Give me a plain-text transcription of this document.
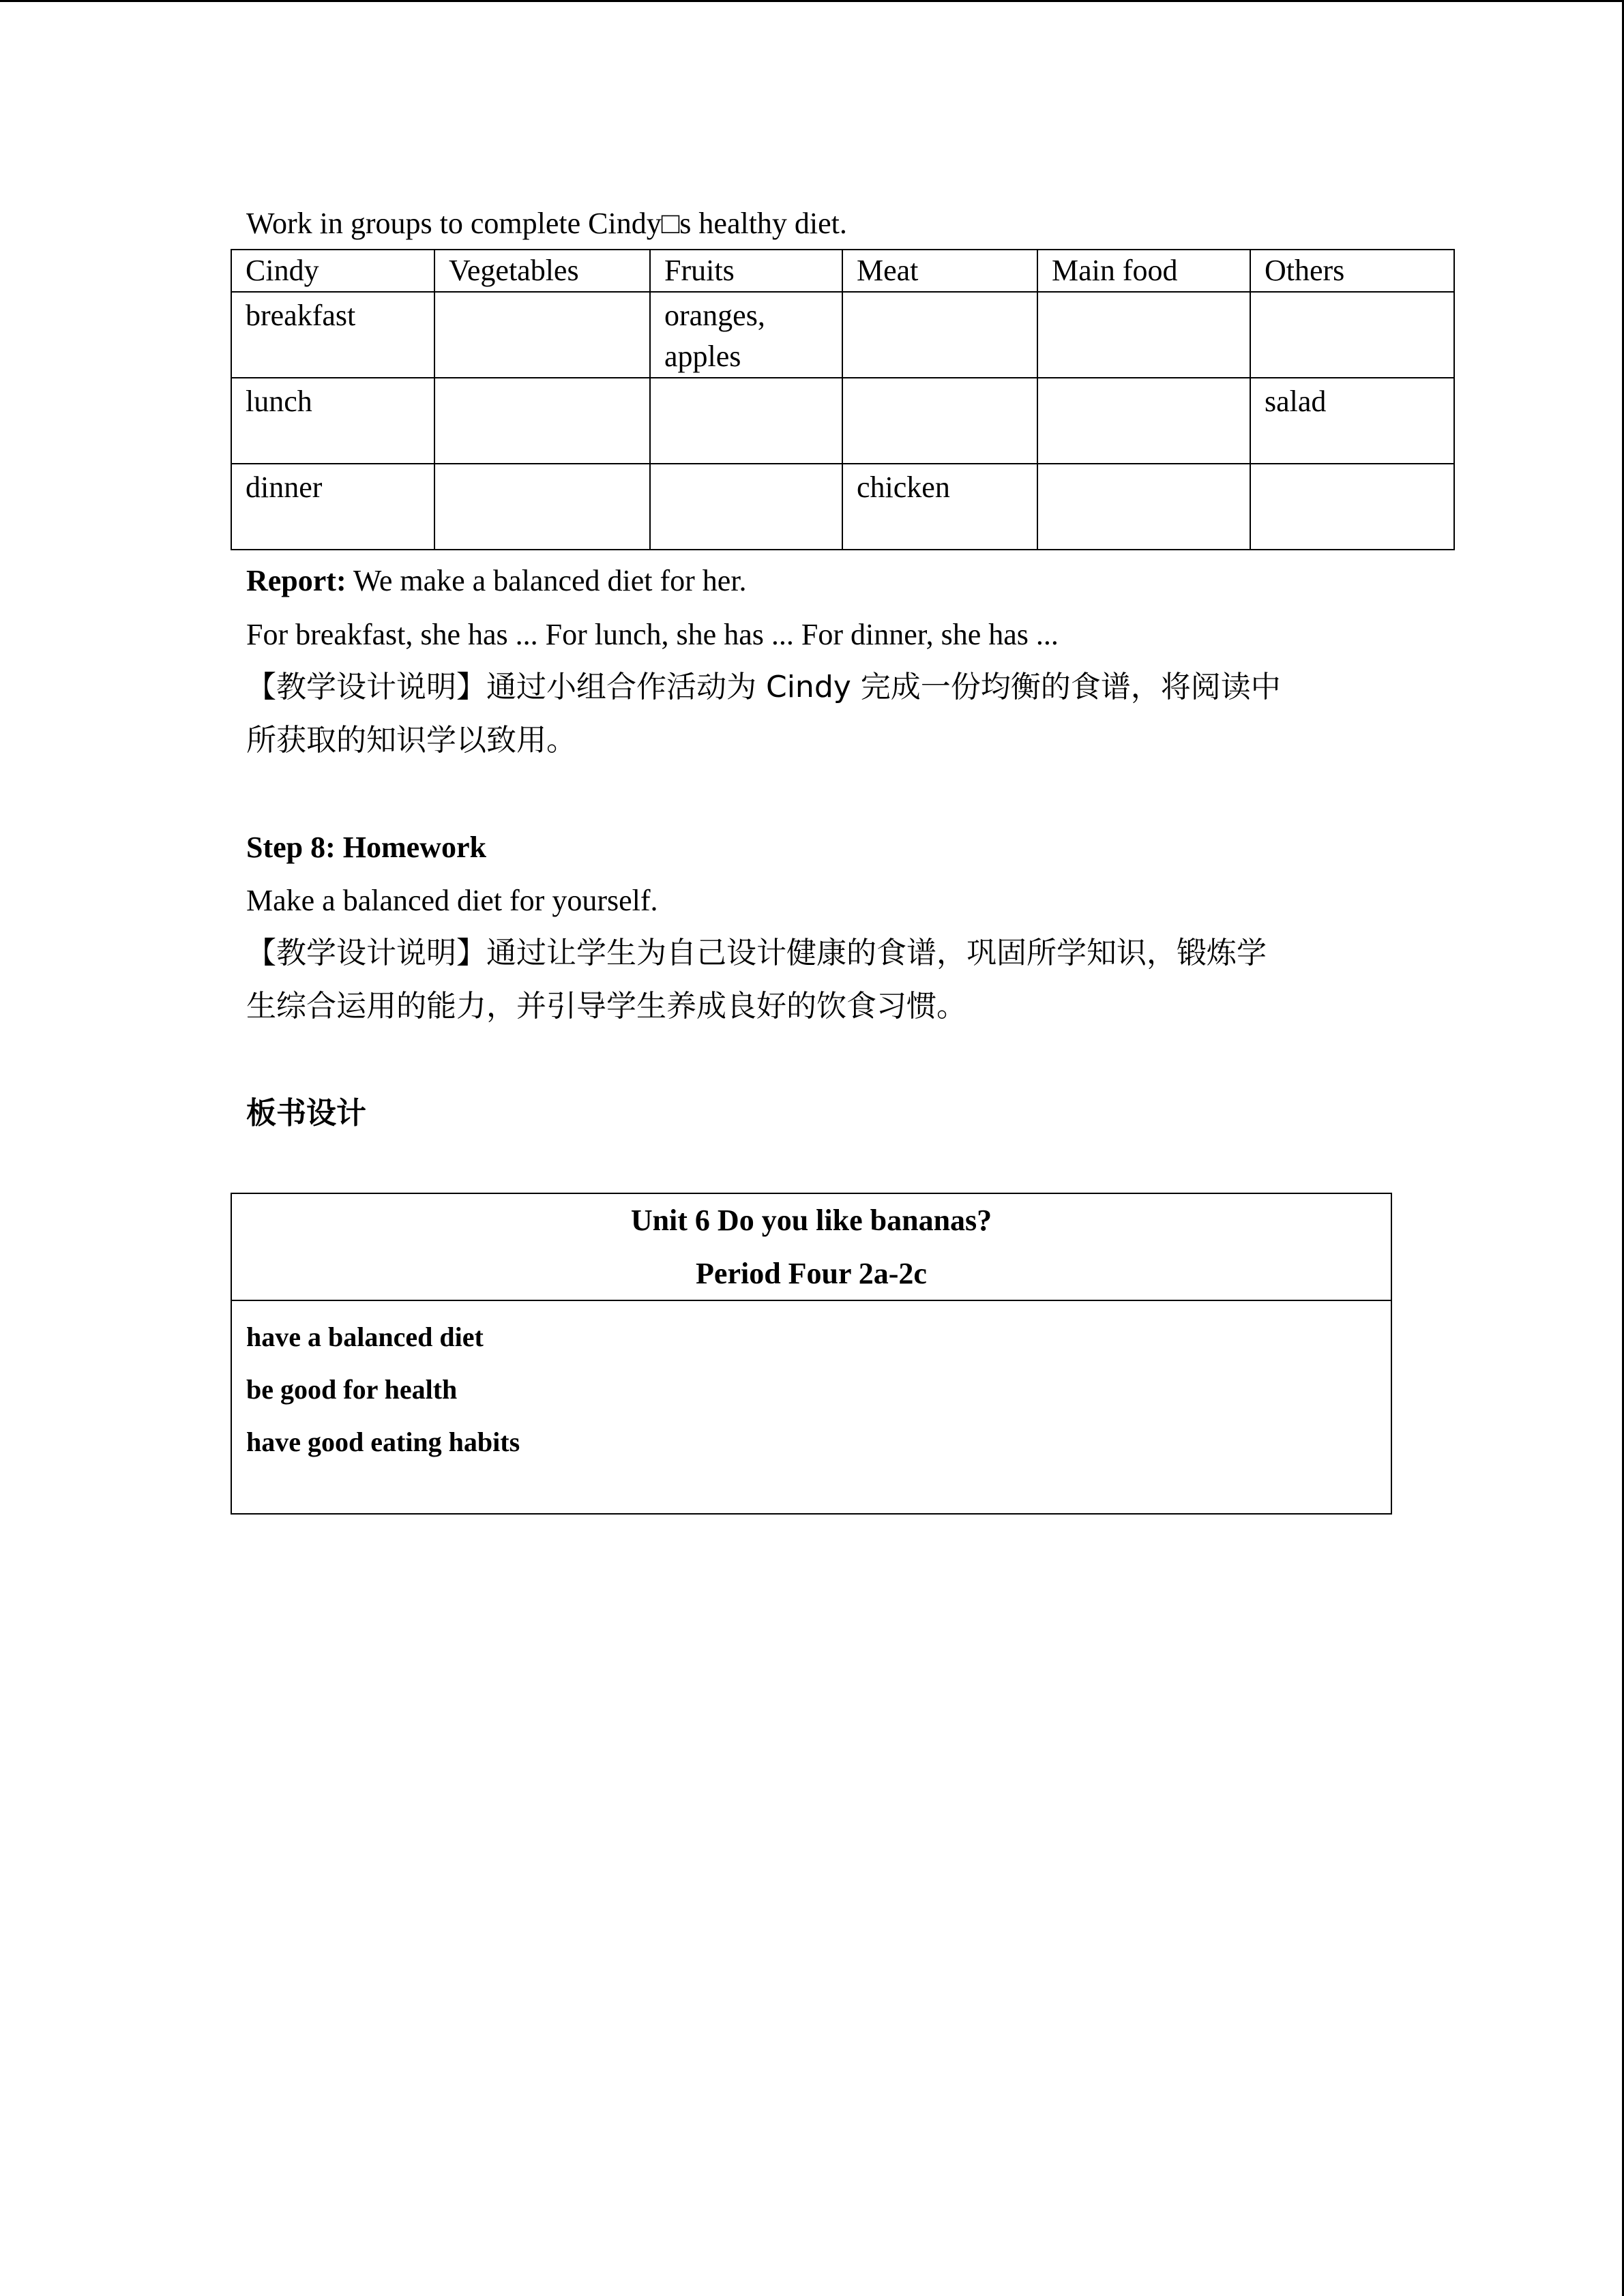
Work in groups to complete Cindy□s healthy diet.
Cindy	Vegetables	Fruits	Meat	Main food	Others
breakfast		oranges, apples			
lunch					salad
dinner			chicken		
Report: We make a balanced diet for her.
For breakfast, she has ... For lunch, she has ... For dinner, she has ...
【教学设计说明】通过小组合作活动为 Cindy 完成一份均衡的食谱，将阅读中
所获取的知识学以致用。
Step 8: Homework
Make a balanced diet for yourself.
【教学设计说明】通过让学生为自己设计健康的食谱，巩固所学知识，锻炼学
生综合运用的能力，并引导学生养成良好的饮食习惯。
板书设计
Unit 6 Do you like bananas?
Period Four 2a-2c
have a balanced diet
be good for health
have good eating habits
